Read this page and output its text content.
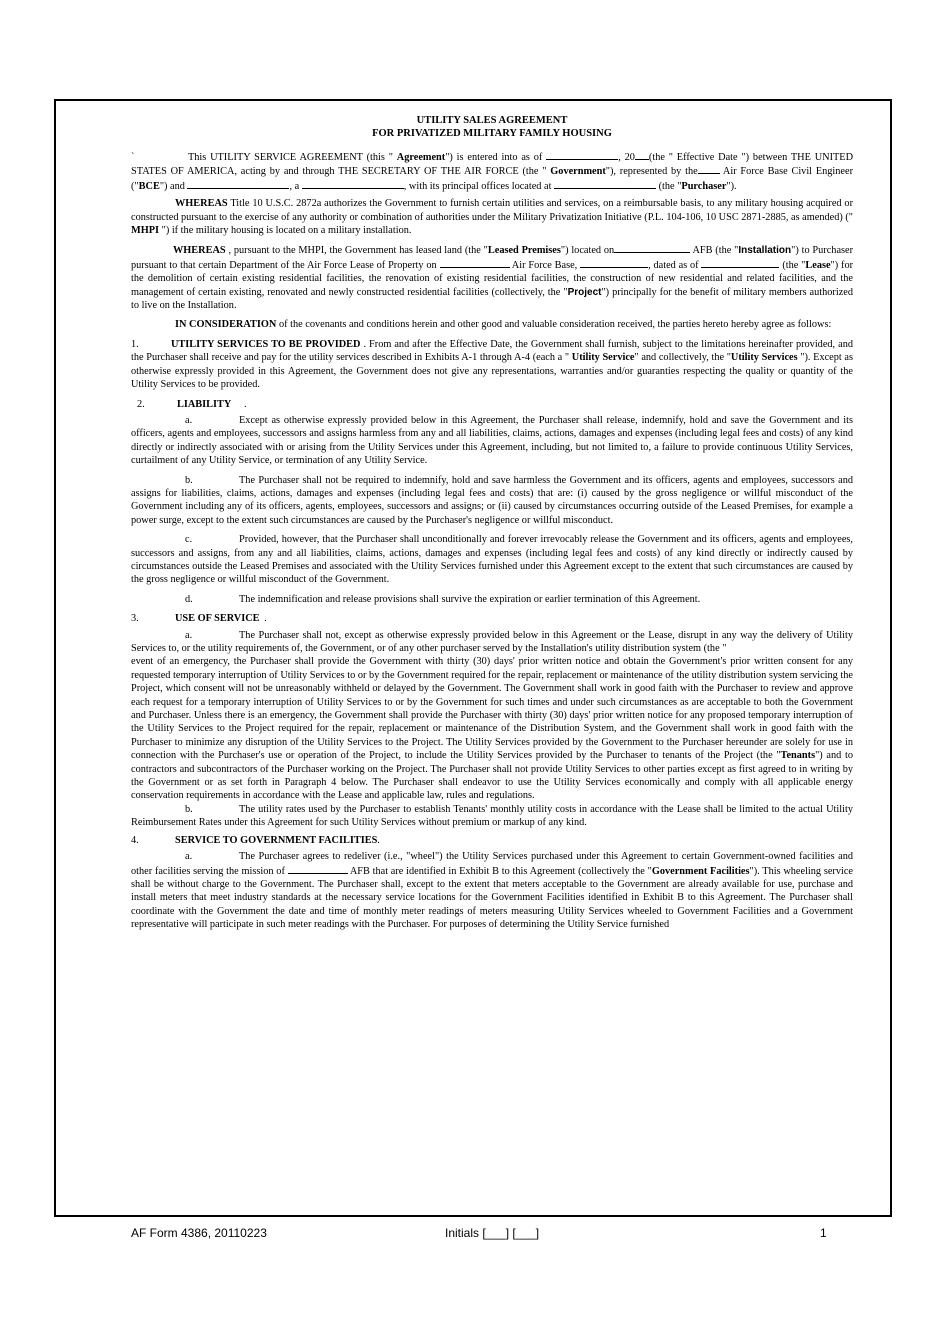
UTILITY SALES AGREEMENT
FOR PRIVATIZED MILITARY FAMILY HOUSING

`	This UTILITY SERVICE AGREEMENT (this " Agreement") is entered into as of	, 20 (the " Effective Date ") between THE UNITED STATES OF AMERICA, acting by and through THE SECRETARY OF THE AIR FORCE (the " Government"), represented by the Air Force Base Civil Engineer ("BCE") and	, a	, with its principal offices located at	(the "Purchaser").

WHEREAS Title 10 U.S.C. 2872a authorizes the Government to furnish certain utilities and services, on a reimbursable basis, to any military housing acquired or constructed pursuant to the exercise of any authority or combination of authorities under the Military Privatization Initiative (P.L. 104-106, 10 USC 2871-2885, as amended) (" MHPI ") if the military housing is located on a military installation.

WHEREAS , pursuant to the MHPI, the Government has leased land (the "Leased Premises") located on	AFB (the "Installation") to Purchaser pursuant to that certain Department of the Air Force Lease of Property on	Air Force Base,	, dated as of	(the "Lease") for the demolition of certain existing residential facilities, the renovation of existing residential facilities, the construction of new residential and related facilities, and the management of certain existing, renovated and newly constructed residential facilities (collectively, the "Project") principally for the benefit of military members authorized to live on the Installation.

IN CONSIDERATION of the covenants and conditions herein and other good and valuable consideration received, the parties hereto hereby agree as follows:

1.	UTILITY SERVICES TO BE PROVIDED . From and after the Effective Date, the Government shall furnish, subject to the limitations hereinafter provided, and the Purchaser shall receive and pay for the utility services described in Exhibits A-1 through A-4 (each a " Utility Service" and collectively, the "Utility Services "). Except as otherwise expressly provided in this Agreement, the Government does not give any representations, warranties and/or guaranties respecting the quality or quantity of the Utility Services to be provided.

2.	LIABILITY .

a.	Except as otherwise expressly provided below in this Agreement, the Purchaser shall release, indemnify, hold and save the Government and its officers, agents and employees, successors and assigns harmless from any and all liabilities, claims, actions, damages and expenses (including legal fees and costs) of any kind directly or indirectly associated with or arising from the Utility Services under this Agreement, including, but not limited to, a failure to provide continuous Utility Services, curtailment of any Utility Service, or termination of any Utility Service.

b.	The Purchaser shall not be required to indemnify, hold and save harmless the Government and its officers, agents and employees, successors and assigns for liabilities, claims, actions, damages and expenses (including legal fees and costs) that are: (i) caused by the gross negligence or willful misconduct of the Government including any of its officers, agents, employees, successors and assigns; or (ii) caused by circumstances occurring outside of the Leased Premises, for example a power surge, except to the extent such circumstances are caused by the Purchaser's negligence or willful misconduct.

c.	Provided, however, that the Purchaser shall unconditionally and forever irrevocably release the Government and its officers, agents and employees, successors and assigns, from any and all liabilities, claims, actions, damages and expenses (including legal fees and costs) of any kind directly or indirectly caused by circumstances outside the Leased Premises and associated with the Utility Services furnished under this Agreement except to the extent that such circumstances are caused by the gross negligence or willful misconduct of the Government.

d.	The indemnification and release provisions shall survive the expiration or earlier termination of this Agreement.

3.	USE OF SERVICE .

a.	The Purchaser shall not, except as otherwise expressly provided below in this Agreement or the Lease, disrupt in any way the delivery of Utility Services to, or the utility requirements of, the Government, or of any other purchaser served by the Installation's utility distribution system (the "

event of an emergency, the Purchaser shall provide the Government with thirty (30) days' prior written notice and obtain the Government's prior written consent for any requested temporary interruption of Utility Services to or by the Government required for the repair, replacement or maintenance of the utility distribution system servicing the Project, which consent will not be unreasonably withheld or delayed by the Government. The Government shall work in good faith with the Purchaser to review and approve each request for a temporary interruption of Utility Services to or by the Government for such times and under such circumstances as are acceptable to both the Government and Purchaser. Unless there is an emergency, the Government shall provide the Purchaser with thirty (30) days' prior written notice for any proposed temporary interruption of the Utility Services to the Project required for the repair, replacement or maintenance of the Distribution System, and the Government shall work in good faith with the Purchaser to minimize any disruption of the Utility Services to the Project. The Utility Services provided by the Government to the Purchaser hereunder are solely for use in connection with the Purchaser's use or operation of the Project, to include the Utility Services provided by the Purchaser to tenants of the Project (the "Tenants") and to contractors and subcontractors of the Purchaser working on the Project. The Purchaser shall not provide Utility Services to other parties except as first agreed to in writing by the Government or as set forth in Paragraph 4 below. The Purchaser shall endeavor to use the Utility Services economically and comply with all applicable energy conservation requirements in accordance with the Lease and applicable law, rules and regulations.

b.	The utility rates used by the Purchaser to establish Tenants' monthly utility costs in accordance with the Lease shall be limited to the actual Utility Reimbursement Rates under this Agreement for such Utility Services without premium or markup of any kind.

4.	SERVICE TO GOVERNMENT FACILITIES.

a.	The Purchaser agrees to redeliver (i.e., "wheel") the Utility Services purchased under this Agreement to certain Government-owned facilities and other facilities serving the mission of	AFB that are identified in Exhibit B to this Agreement (collectively the "Government Facilities"). This wheeling service shall be without charge to the Government. The Purchaser shall, except to the extent that meters acceptable to the Government are already available for use, purchase and install meters that meet industry standards at the necessary service locations for the Government Facilities identified in Exhibit B to this Agreement. The Purchaser shall coordinate with the Government the date and time of monthly meter readings of meters measuring Utility Services wheeled to Government Facilities and a Government representative will participate in such meter readings with the Purchaser. For purposes of determining the Utility Service furnished

AF Form 4386, 20110223	Initials [___] [___]	1
